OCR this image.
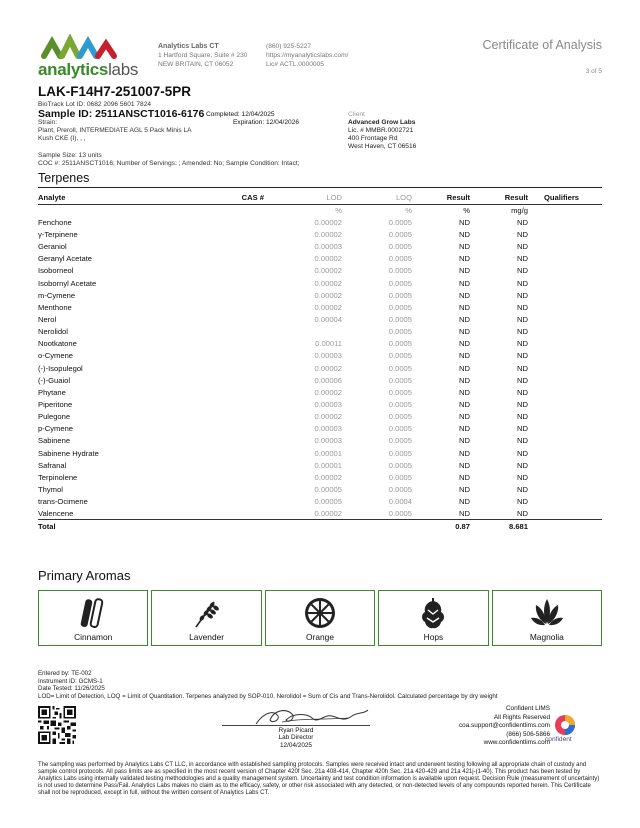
analyticslabs
Analytics Labs CT
1 Hartford Square, Suite # 230
NEW BRITAIN, CT 06052
(860) 925-5227
https://myanalyticslabs.com/
Lic# ACTL.0000005
Certificate of Analysis
3 of 5
LAK-F14H7-251007-5PR
BioTrack Lot ID: 0682 2096 5601 7824
Sample ID: 2511ANSCT1016-6176
Strain:
Plant, Preroll, INTERMEDIATE AGL 5 Pack Minis LA
Kush CKE (I), , ,
Completed: 12/04/2025
Expiration: 12/04/2026
Client
Advanced Grow Labs
Lic. # MMBR.0002721
400 Frontage Rd
West Haven, CT 06516
Sample Size: 13 units
COC #: 2511ANSCT1016; Number of Servings: ; Amended: No; Sample Condition: Intact;
Terpenes
Analyte	CAS #	LOD	LOQ	Result	Result	Qualifiers
		%	%	%	mg/g	
Fenchone		0.00002	0.0005	ND	ND	
γ-Terpinene		0.00002	0.0005	ND	ND	
Geraniol		0.00003	0.0005	ND	ND	
Geranyl Acetate		0.00002	0.0005	ND	ND	
Isoborneol		0.00002	0.0005	ND	ND	
Isobornyl Acetate		0.00002	0.0005	ND	ND	
m-Cymene		0.00002	0.0005	ND	ND	
Menthone		0.00002	0.0005	ND	ND	
Nerol		0.00004	0.0005	ND	ND	
Nerolidol			0.0005	ND	ND	
Nootkatone		0.00011	0.0005	ND	ND	
o-Cymene		0.00003	0.0005	ND	ND	
(-)-Isopulegol		0.00002	0.0005	ND	ND	
(-)-Guaiol		0.00006	0.0005	ND	ND	
Phytane		0.00002	0.0005	ND	ND	
Piperitone		0.00003	0.0005	ND	ND	
Pulegone		0.00002	0.0005	ND	ND	
p-Cymene		0.00003	0.0005	ND	ND	
Sabinene		0.00003	0.0005	ND	ND	
Sabinene Hydrate		0.00001	0.0005	ND	ND	
Safranal		0.00001	0.0005	ND	ND	
Terpinolene		0.00002	0.0005	ND	ND	
Thymol		0.00005	0.0005	ND	ND	
trans-Ocimene		0.00005	0.0004	ND	ND	
Valencene		0.00002	0.0005	ND	ND	
Total				0.87	8.681	
Primary Aromas
Cinnamon	Lavender	Orange	Hops	Magnolia
Entered by: TE-002
Instrument ID: GCMS-1
Date Tested: 11/26/2025
LOD= Limit of Detection, LOQ = Limit of Quantitation. Terpenes analyzed by SOP-010. Nerolidol = Sum of Cis and Trans-Nerolidol. Calculated percentage by dry weight
Ryan Picard
Lab Director
12/04/2025
Confident LIMS
All Rights Reserved
coa.support@confidentlims.com
(866) 506-5866
www.confidentlims.com
confident
The sampling was performed by Analytics Labs CT LLC, in accordance with established sampling protocols. Samples were received intact and underwent testing following all appropriate chain of custody and sample control protocols. All pass limits are as specified in the most recent version of Chapter 420f Sec. 21a 408-414, Chapter 420h Sec. 21a 420-429 and 21a 421j-(1-40). This product has been tested by Analytics Labs using internally validated testing methodologies and a quality management system. Uncertainty and test condition information is available upon request. Decision Rule (measurement of uncertainty) is not used to determine Pass/Fail. Analytics Labs makes no claim as to the efficacy, safety, or other risk associated with any detected, or non-detected levels of any compounds reported herein. This Certificate shall not be reproduced, except in full, without the written consent of Analytics Labs CT.
